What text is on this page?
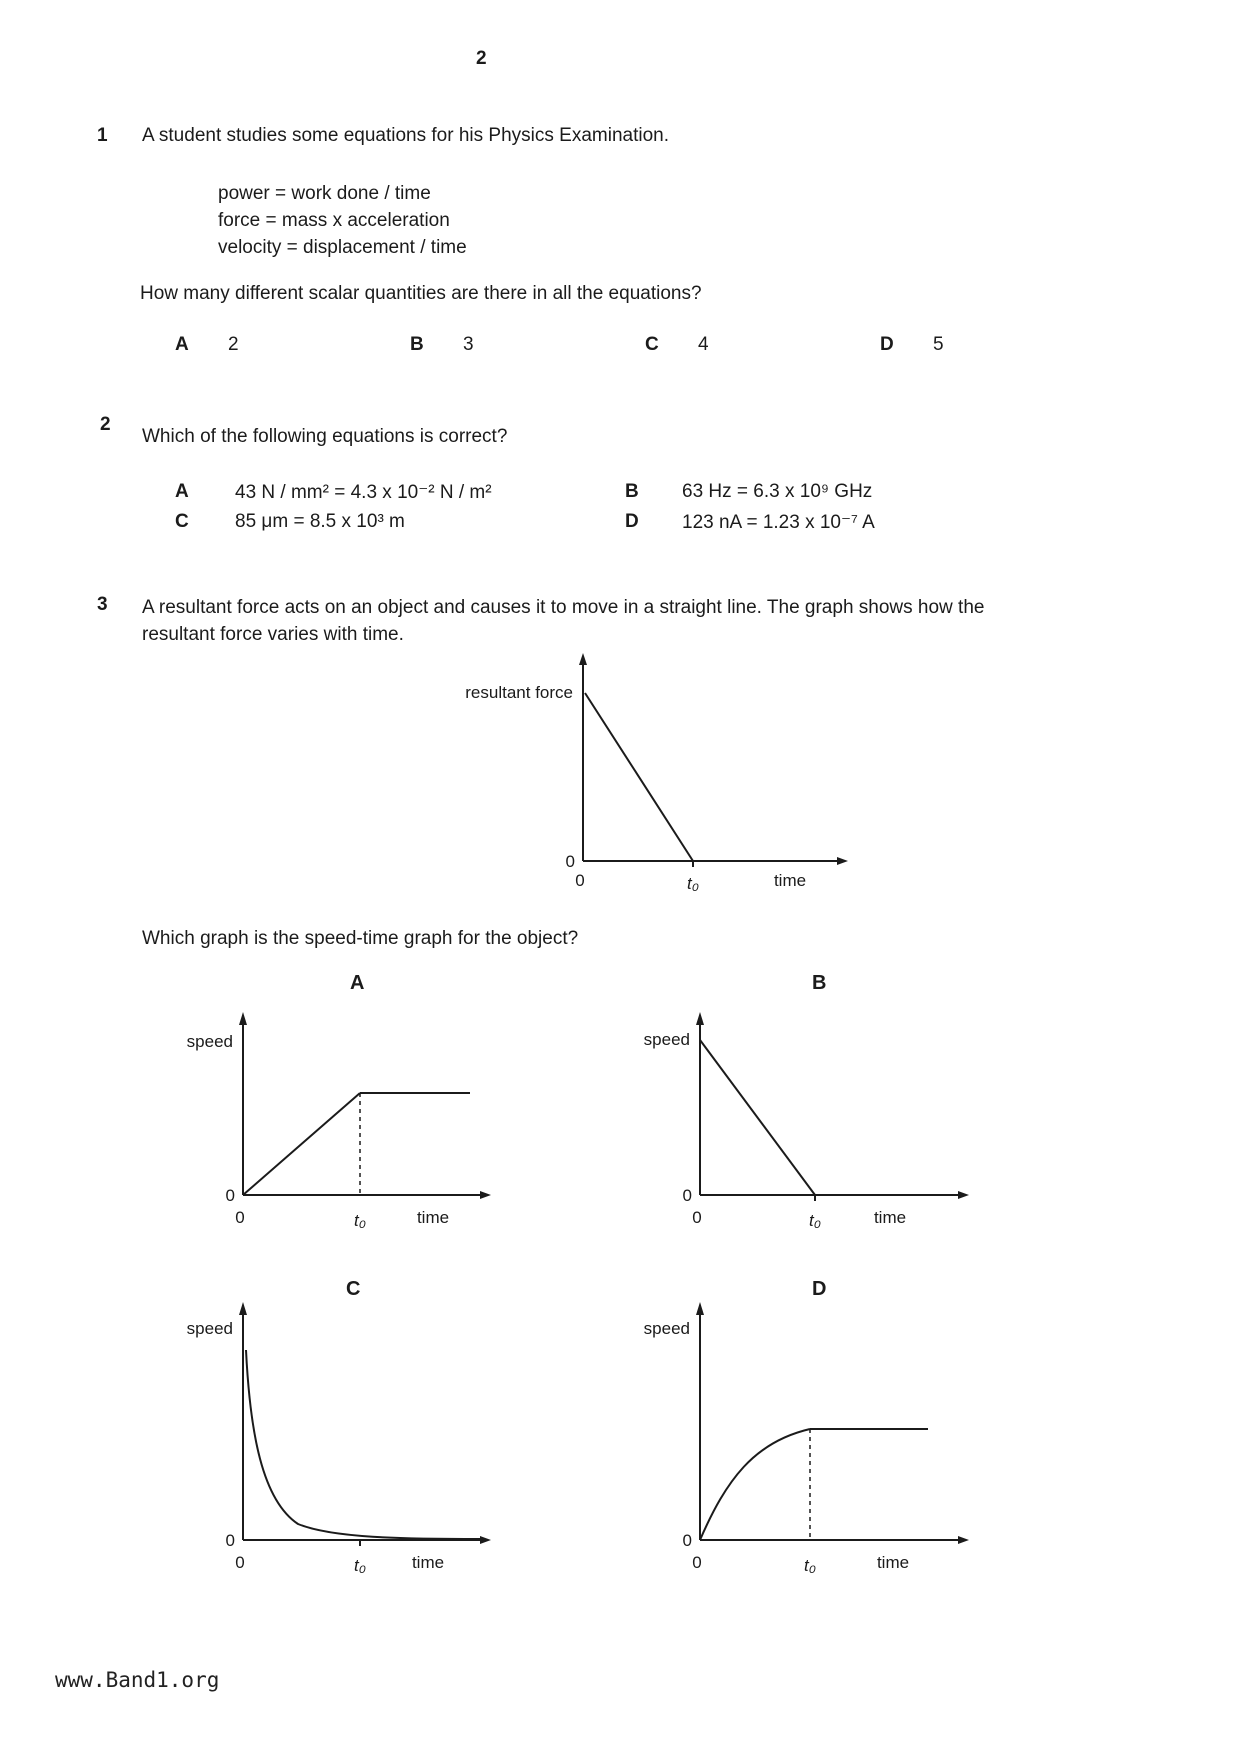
2
1 A student studies some equations for his Physics Examination.
power = work done / time
force = mass x acceleration
velocity = displacement / time
How many different scalar quantities are there in all the equations?
A 2	B 3	C 4	D 5
2
Which of the following equations is correct?
A 43 N / mm² = 4.3 x 10⁻² N / m²	B 63 Hz = 6.3 x 10⁹ GHz
C 85 μm = 8.5 x 10³ m	D 123 nA = 1.23 x 10⁻⁷ A
3 A resultant force acts on an object and causes it to move in a straight line. The graph shows how the resultant force varies with time.
resultant force
0
0	t₀	time
Which graph is the speed-time graph for the object?
A
speed
0
0	t₀	time
B
speed
0
0	t₀	time
C
speed
0
0	t₀	time
D
speed
0
0	t₀	time
www.Band1.org
